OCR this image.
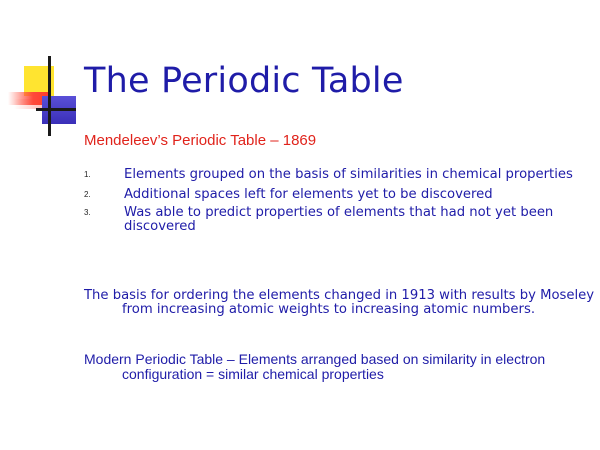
The Periodic Table
Mendeleev’s Periodic Table – 1869
1.	Elements grouped on the basis of similarities in chemical properties
2.	Additional spaces left for elements yet to be discovered
3.	Was able to predict properties of elements that had not yet been discovered

The basis for ordering the elements changed in 1913 with results by Moseley from increasing atomic weights to increasing atomic numbers.

Modern Periodic Table – Elements arranged based on similarity in electron configuration = similar chemical properties
